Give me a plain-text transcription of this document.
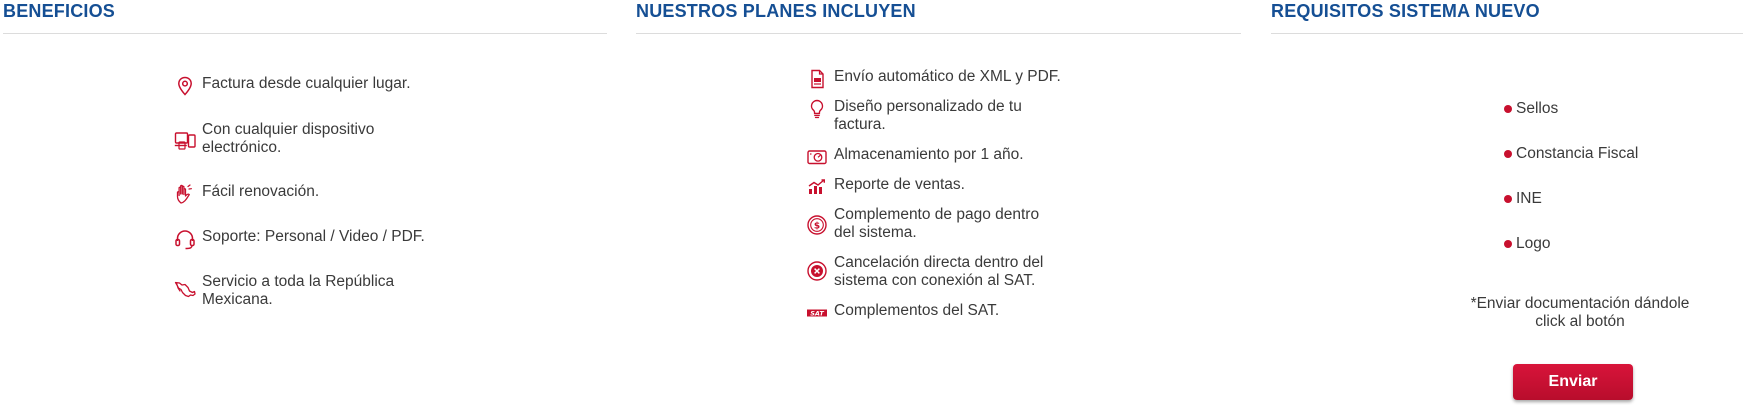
BENEFICIOS
Factura desde cualquier lugar.
Con cualquier dispositivo electrónico.
Fácil renovación.
Soporte: Personal / Video / PDF.
Servicio a toda la República Mexicana.
NUESTROS PLANES INCLUYEN
Envío automático de XML y PDF.
Diseño personalizado de tu factura.
Almacenamiento por 1 año.
Reporte de ventas.
$
Complemento de pago dentro del sistema.
Cancelación directa dentro del sistema con conexión al SAT.
SAT Complementos del SAT.
REQUISITOS SISTEMA NUEVO
Sellos
Constancia Fiscal
INE
Logo
*Enviar documentación dándole click al botón
Enviar
